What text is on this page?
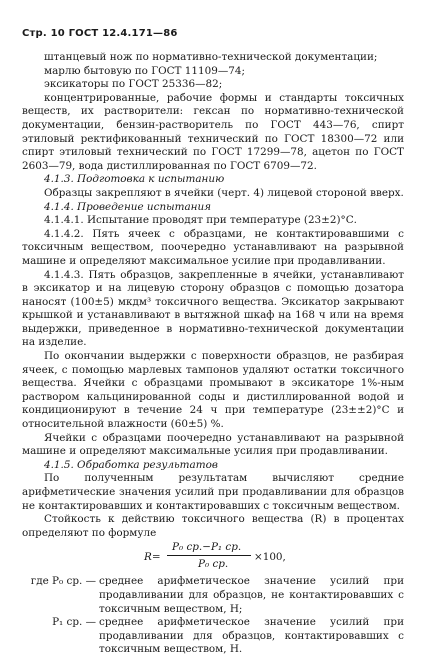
Стр. 10 ГОСТ 12.4.171—86

штанцевый нож по нормативно-технической документации;

марлю бытовую по ГОСТ 11109—74;

эксикаторы по ГОСТ 25336—82;

концентрированные, рабочие формы и стандарты токсичных веществ, их растворители: гексан по нормативно-технической документации, бензин-растворитель по ГОСТ 443—76, спирт этиловый ректификованный технический по ГОСТ 18300—72 или спирт этиловый технический по ГОСТ 17299—78, ацетон по ГОСТ 2603—79, вода дистиллированная по ГОСТ 6709—72.

4.1.3. Подготовка к испытанию

Образцы закрепляют в ячейки (черт. 4) лицевой стороной вверх.

4.1.4. Проведение испытания

4.1.4.1. Испытание проводят при температуре (23±2)°С.

4.1.4.2. Пять ячеек с образцами, не контактировавшими с токсичным веществом, поочередно устанавливают на разрывной машине и определяют максимальное усилие при продавливании.

4.1.4.3. Пять образцов, закрепленные в ячейки, устанавливают в эксикатор и на лицевую сторону образцов с помощью дозатора наносят (100±5) мкдм³ токсичного вещества. Эксикатор закрывают крышкой и устанавливают в вытяжной шкаф на 168 ч или на время выдержки, приведенное в нормативно-технической документации на изделие.

По окончании выдержки с поверхности образцов, не разбирая ячеек, с помощью марлевых тампонов удаляют остатки токсичного вещества. Ячейки с образцами промывают в эксикаторе 1%-ным раствором кальцинированной соды и дистиллированной водой и кондиционируют в течение 24 ч при температуре (23±±2)°С и относительной влажности (60±5) %.

Ячейки с образцами поочередно устанавливают на разрывной машине и определяют максимальные усилия при продавливании.

4.1.5. Обработка результатов

По полученным результатам вычисляют средние арифметические значения усилий при продавливании для образцов не контактировавших и контактировавших с токсичным веществом.

Стойкость к действию токсичного вещества (R) в процентах определяют по формуле

R=
P₀ ср.−P₁ ср.
P₀ ср.
×100,
где P₀ ср. — среднее арифметическое значение усилий при продавливании для образцов, не контактировавших с токсичным веществом, Н;
P₁ ср. — среднее арифметическое значение усилий при продавливании для образцов, контактировавших с токсичным веществом, Н.
